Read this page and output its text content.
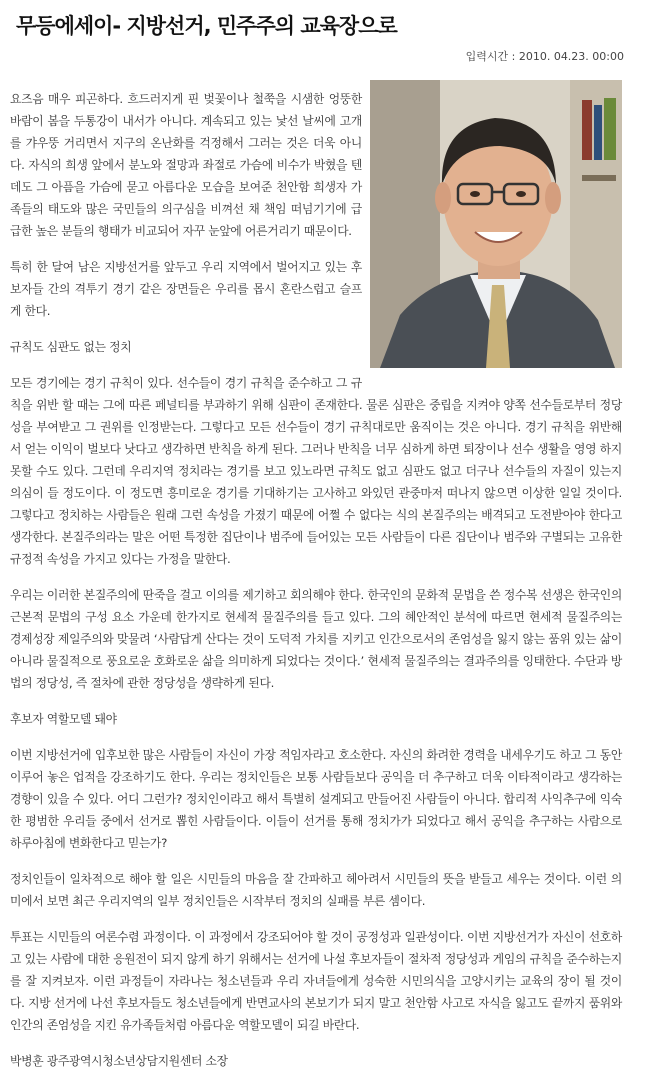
무등에세이- 지방선거, 민주주의 교육장으로
입력시간 : 2010. 04.23. 00:00

요즈음 매우 피곤하다. 흐드러지게 핀 벚꽃이나 철쭉을 시샘한 엉뚱한 바람이 봄을 두통강이 내서가 아니다. 계속되고 있는 낯선 날씨에 고개를 갸우뚱 거리면서 지구의 온난화를 걱정해서 그러는 것은 더욱 아니다. 자식의 희생 앞에서 분노와 절망과 좌절로 가슴에 비수가 박혔을 텐데도 그 아픔을 가슴에 묻고 아름다운 모습을 보여준 천안함 희생자 가족들의 태도와 많은 국민들의 의구심을 비껴선 채 책임 떠넘기기에 급급한 높은 분들의 행태가 비교되어 자꾸 눈앞에 어른거리기 때문이다.

특히 한 달여 남은 지방선거를 앞두고 우리 지역에서 벌어지고 있는 후보자들 간의 격투기 경기 같은 장면들은 우리를 몹시 혼란스럽고 슬프게 한다.

규칙도 심판도 없는 정치

모든 경기에는 경기 규칙이 있다. 선수들이 경기 규칙을 준수하고 그 규칙을 위반 할 때는 그에 따른 페널티를 부과하기 위해 심판이 존재한다. 물론 심판은 중립을 지켜야 양쪽 선수들로부터 정당성을 부여받고 그 권위를 인정받는다. 그렇다고 모든 선수들이 경기 규칙대로만 움직이는 것은 아니다. 경기 규칙을 위반해서 얻는 이익이 벌보다 낫다고 생각하면 반칙을 하게 된다. 그러나 반칙을 너무 심하게 하면 퇴장이나 선수 생활을 영영 하지 못할 수도 있다. 그런데 우리지역 정치라는 경기를 보고 있노라면 규칙도 없고 심판도 없고 더구나 선수들의 자질이 있는지 의심이 들 정도이다. 이 정도면 흥미로운 경기를 기대하기는 고사하고 와있던 관중마저 떠나지 않으면 이상한 일일 것이다. 그렇다고 정치하는 사람들은 원래 그런 속성을 가졌기 때문에 어쩔 수 없다는 식의 본질주의는 배격되고 도전받아야 한다고 생각한다. 본질주의라는 말은 어떤 특정한 집단이나 범주에 들어있는 모든 사람들이 다른 집단이나 범주와 구별되는 고유한 규정적 속성을 가지고 있다는 가정을 말한다.

우리는 이러한 본질주의에 딴죽을 걸고 이의를 제기하고 회의해야 한다. 한국인의 문화적 문법을 쓴 정수복 선생은 한국인의 근본적 문법의 구성 요소 가운데 한가지로 현세적 물질주의를 들고 있다. 그의 혜안적인 분석에 따르면 현세적 물질주의는 경제성장 제일주의와 맞물려 ‘사람답게 산다는 것이 도덕적 가치를 지키고 인간으로서의 존엄성을 잃지 않는 품위 있는 삶이 아니라 물질적으로 풍요로운 호화로운 삶을 의미하게 되었다는 것이다.’ 현세적 물질주의는 결과주의를 잉태한다. 수단과 방법의 정당성, 즉 절차에 관한 정당성을 생략하게 된다.

후보자 역할모델 돼야

이번 지방선거에 입후보한 많은 사람들이 자신이 가장 적임자라고 호소한다. 자신의 화려한 경력을 내세우기도 하고 그 동안 이루어 놓은 업적을 강조하기도 한다. 우리는 정치인들은 보통 사람들보다 공익을 더 추구하고 더욱 이타적이라고 생각하는 경향이 있을 수 있다. 어디 그런가? 정치인이라고 해서 특별히 설계되고 만들어진 사람들이 아니다. 합리적 사익추구에 익숙한 평범한 우리들 중에서 선거로 뽑힌 사람들이다. 이들이 선거를 통해 정치가가 되었다고 해서 공익을 추구하는 사람으로 하루아침에 변화한다고 믿는가?

정치인들이 일차적으로 해야 할 일은 시민들의 마음을 잘 간파하고 헤아려서 시민들의 뜻을 받들고 세우는 것이다. 이런 의미에서 보면 최근 우리지역의 일부 정치인들은 시작부터 정치의 실패를 부른 셈이다.

투표는 시민들의 여론수렴 과정이다. 이 과정에서 강조되어야 할 것이 공정성과 일관성이다. 이번 지방선거가 자신이 선호하고 있는 사람에 대한 응원전이 되지 않게 하기 위해서는 선거에 나설 후보자들이 절차적 정당성과 게임의 규칙을 준수하는지를 잘 지켜보자. 이런 과정들이 자라나는 청소년들과 우리 자녀들에게 성숙한 시민의식을 고양시키는 교육의 장이 될 것이다. 지방 선거에 나선 후보자들도 청소년들에게 반면교사의 본보기가 되지 말고 천안함 사고로 자식을 잃고도 끝까지 품위와 인간의 존엄성을 지킨 유가족들처럼 아름다운 역할모델이 되길 바란다.

박병훈 광주광역시청소년상담지원센터 소장
